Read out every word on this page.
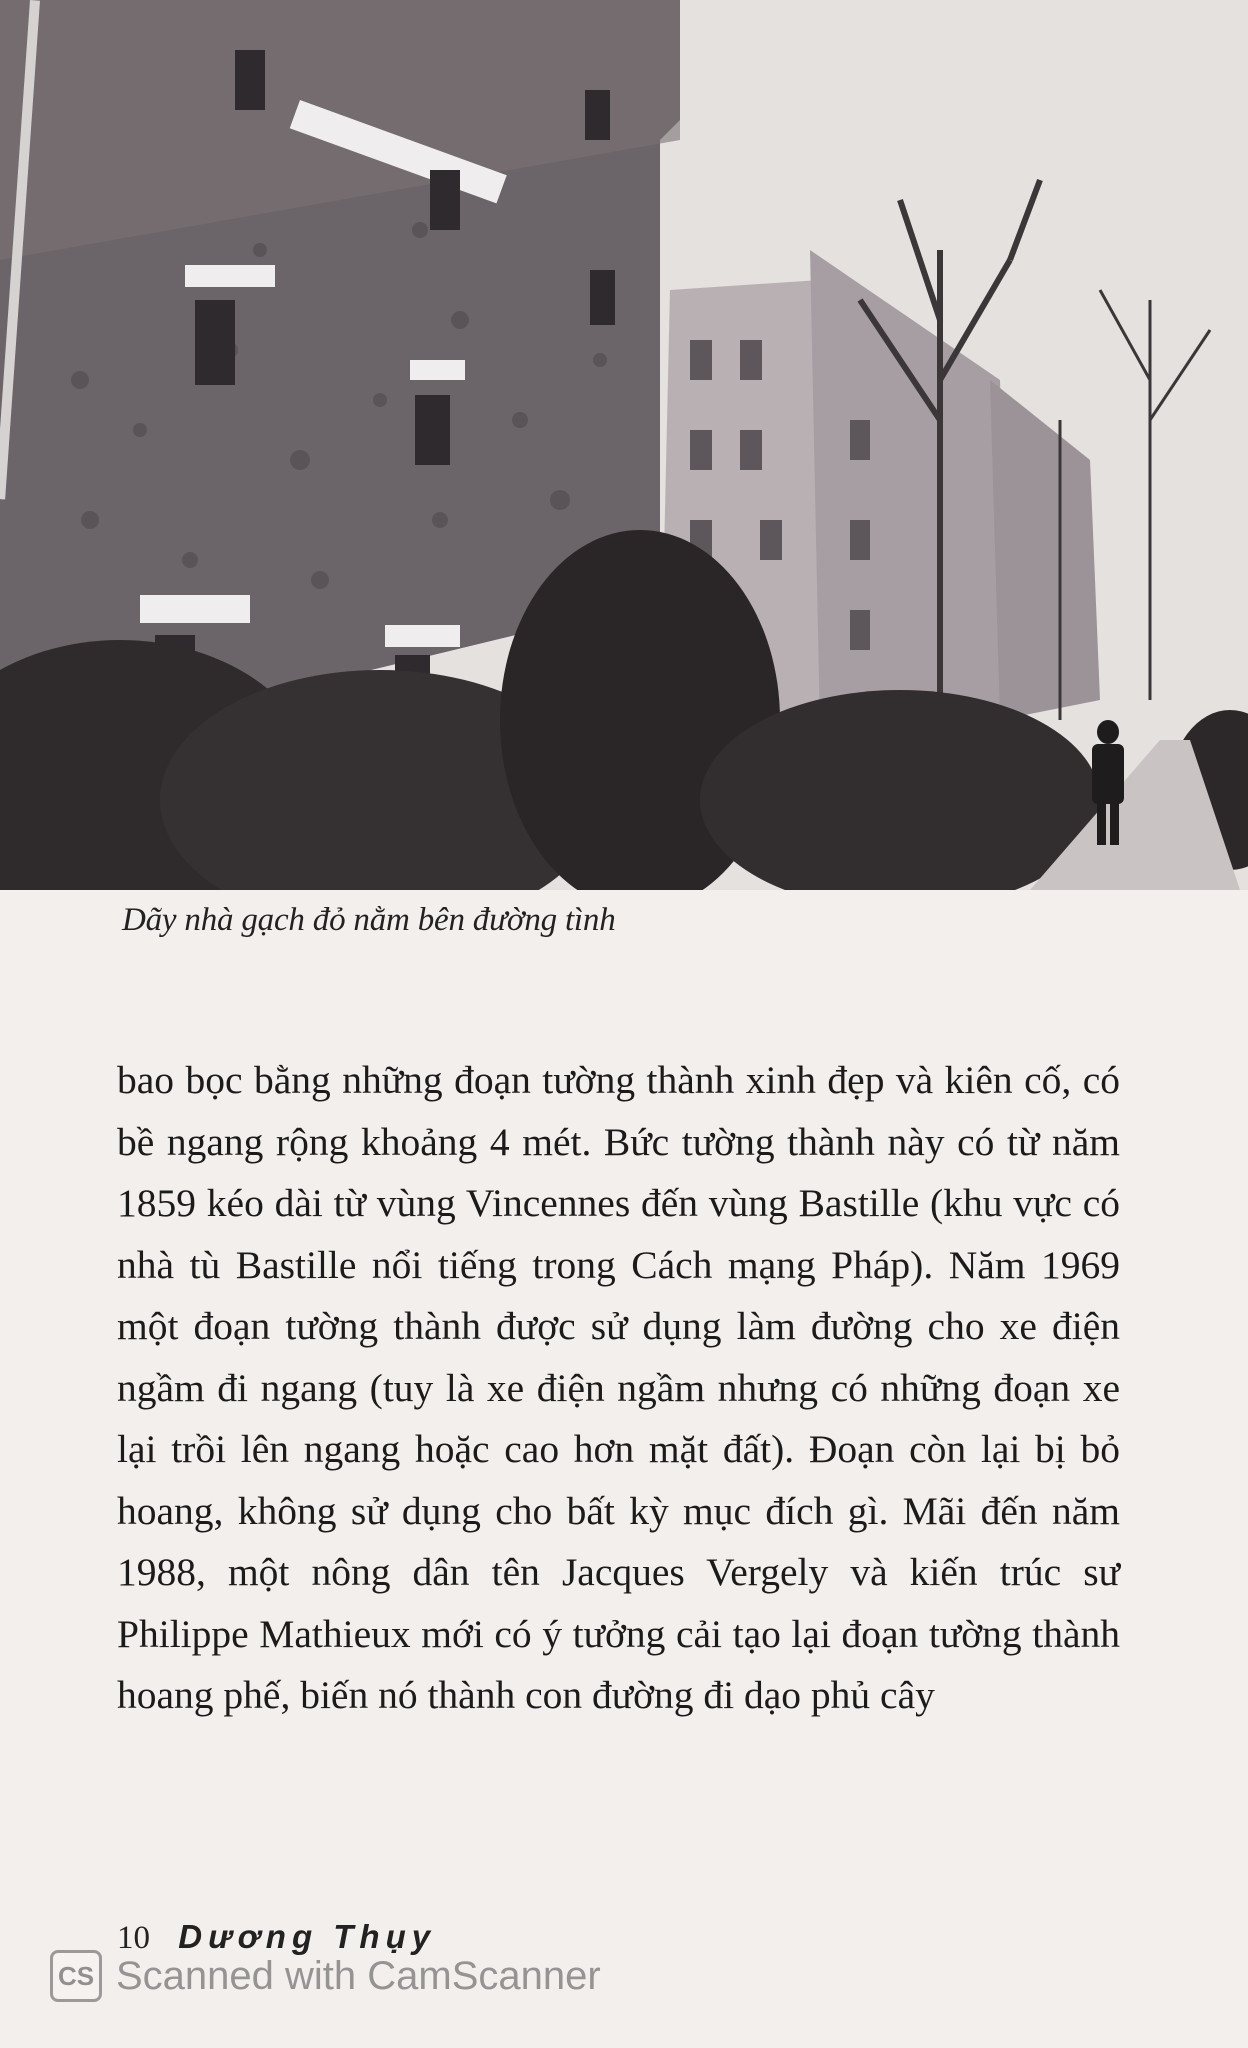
Dãy nhà gạch đỏ nằm bên đường tình

bao bọc bằng những đoạn tường thành xinh đẹp và kiên cố, có bề ngang rộng khoảng 4 mét. Bức tường thành này có từ năm 1859 kéo dài từ vùng Vincennes đến vùng Bastille (khu vực có nhà tù Bastille nổi tiếng trong Cách mạng Pháp). Năm 1969 một đoạn tường thành được sử dụng làm đường cho xe điện ngầm đi ngang (tuy là xe điện ngầm nhưng có những đoạn xe lại trồi lên ngang hoặc cao hơn mặt đất). Đoạn còn lại bị bỏ hoang, không sử dụng cho bất kỳ mục đích gì. Mãi đến năm 1988, một nông dân tên Jacques Vergely và kiến trúc sư Philippe Mathieux mới có ý tưởng cải tạo lại đoạn tường thành hoang phế, biến nó thành con đường đi dạo phủ cây

10 Dương Thụy
CS Scanned with CamScanner
